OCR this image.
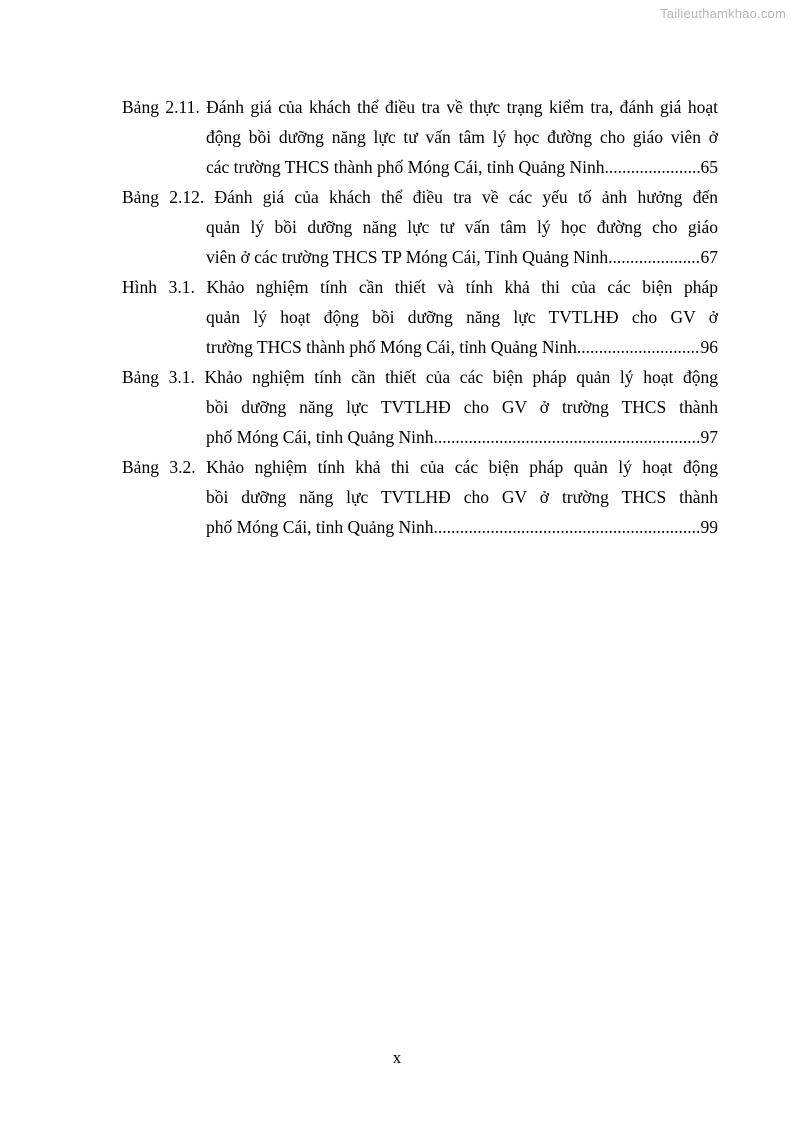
Tailieuthamkhao.com
Bảng 2.11. Đánh giá của khách thể điều tra về thực trạng kiểm tra, đánh giá hoạt
động bồi dưỡng năng lực tư vấn tâm lý học đường cho giáo viên ở
các trường THCS thành phố Móng Cái, tỉnh Quảng Ninh .....	65
Bảng 2.12. Đánh giá của khách thể điều tra về các yếu tố ảnh hưởng đến
quản lý bồi dưỡng năng lực tư vấn tâm lý học đường cho giáo
viên ở các trường THCS TP Móng Cái, Tỉnh Quảng Ninh .....	67
Hình 3.1. Khảo nghiệm tính cần thiết và tính khả thi của các biện pháp
quản lý hoạt động bồi dưỡng năng lực TVTLHĐ cho GV ở
trường THCS thành phố Móng Cái, tỉnh Quảng Ninh .....	96
Bảng 3.1. Khảo nghiệm tính cần thiết của các biện pháp quản lý hoạt động
bồi dưỡng năng lực TVTLHĐ cho GV ở trường THCS thành
phố Móng Cái, tỉnh Quảng Ninh .....	97
Bảng 3.2. Khảo nghiệm tính khả thi của các biện pháp quản lý hoạt động
bồi dưỡng năng lực TVTLHĐ cho GV ở trường THCS thành
phố Móng Cái, tỉnh Quảng Ninh .....	99
x
